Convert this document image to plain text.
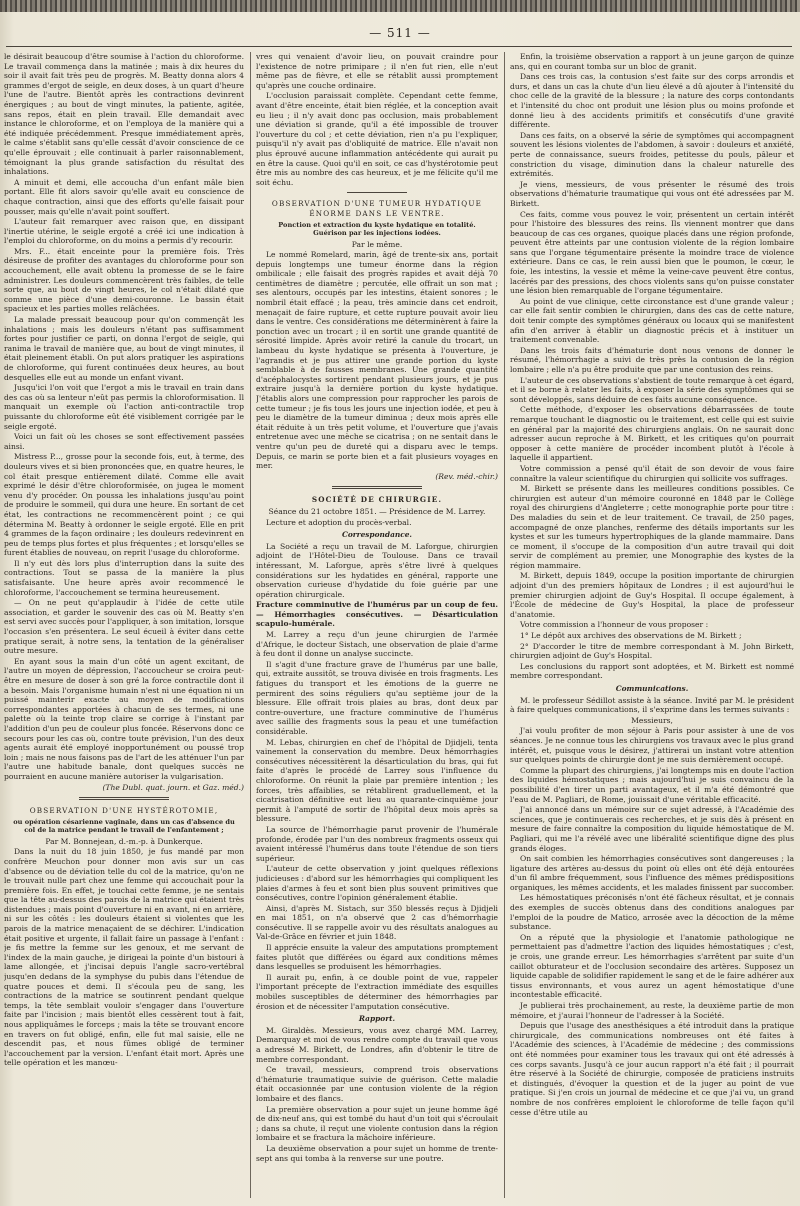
— 511 —

le désirait beaucoup d'être soumise à l'action du chloroforme. Le travail commença dans la matinée ; mais à dix heures du soir il avait fait très peu de progrès. M. Beatty donna alors 4 grammes d'ergot de seigle, en deux doses, à un quart d'heure l'une de l'autre. Bientôt après les contractions devinrent énergiques ; au bout de vingt minutes, la patiente, agitée, sans repos, était en plein travail. Elle demandait avec instance le chloroforme, et on l'employa de la manière qui a été indiquée précédemment. Presque immédiatement après, le calme s'établit sans qu'elle cessât d'avoir conscience de ce qu'elle éprouvait ; elle continuait à parler raisonnablement, témoignant la plus grande satisfaction du résultat des inhalations.

A minuit et demi, elle accoucha d'un enfant mâle bien portant. Elle fit alors savoir qu'elle avait eu conscience de chaque contraction, ainsi que des efforts qu'elle faisait pour pousser, mais qu'elle n'avait point souffert.

L'auteur fait remarquer avec raison que, en dissipant l'inertie utérine, le seigle ergoté a créé ici une indication à l'emploi du chloroforme, on du moins a permis d'y recourir.

Mrs. F... était enceinte pour la première fois. Très désireuse de profiter des avantages du chloroforme pour son accouchement, elle avait obtenu la promesse de se le faire administrer. Les douleurs commencèrent très faibles, de telle sorte que, au bout de vingt heures, le col n'était dilaté que comme une pièce d'une demi-couronne. Le bassin était spacieux et les parties molles relâchées.

La malade pressait beaucoup pour qu'on commençât les inhalations ; mais les douleurs n'étant pas suffisamment fortes pour justifier ce parti, on donna l'ergot de seigle, qui ranima le travail de manière que, au bout de vingt minutes, il était pleinement établi. On put alors pratiquer les aspirations de chloroforme, qui furent continuées deux heures, au bout desquelles elle eut au monde un enfant vivant.

Jusqu'ici l'on voit que l'ergot a mis le travail en train dans des cas où sa lenteur n'eût pas permis la chloroformisation. Il manquait un exemple où l'action anti-contractile trop puissante du chloroforme eût été visiblement corrigée par le seigle ergoté.

Voici un fait où les choses se sont effectivement passées ainsi.

Mistress P..., grosse pour la seconde fois, eut, à terme, des douleurs vives et si bien prononcées que, en quatre heures, le col était presque entièrement dilaté. Comme elle avait exprimé le désir d'être chloroformisée, on jugea le moment venu d'y procéder. On poussa les inhalations jusqu'au point de produire le sommeil, qui dura une heure. En sortant de cet état, les contractions ne recommencèrent point ; ce qui détermina M. Beatty à ordonner le seigle ergoté. Elle en prit 4 grammes de la façon ordinaire ; les douleurs redevinrent en peu de temps plus fortes et plus fréquentes ; et lorsqu'elles se furent établies de nouveau, on reprit l'usage du chloroforme.

Il n'y eut dès lors plus d'interruption dans la suite des contractions. Tout se passa de la manière la plus satisfaisante. Une heure après avoir recommencé le chloroforme, l'accouchement se termina heureusement.

— On ne peut qu'applaudir à l'idée de cette utile association, et garder le souvenir des cas où M. Beatty s'en est servi avec succès pour l'appliquer, à son imitation, lorsque l'occasion s'en présentera. Le seul écueil à éviter dans cette pratique serait, à notre sens, la tentation de la généraliser outre mesure.

En ayant sous la main d'un côté un agent excitant, de l'autre un moyen de dépression, l'accoucheur se croira peut-être en mesure de doser à son gré la force contractile dont il a besoin. Mais l'organisme humain n'est ni une équation ni un puissé mainterir exacte au moyen de modifications correspondantes apportées à chacun de ses termes, ni une palette où la teinte trop claire se corrige à l'instant par l'addition d'un peu de couleur plus foncée. Réservons donc ce secours pour les cas où, contre toute prévision, l'un des deux agents aurait été employé inopportunément ou poussé trop loin ; mais ne nous faisons pas de l'art de les atténuer l'un par l'autre une habitude banale, dont quelques succès ne pourraient en aucune manière autoriser la vulgarisation.

(The Dubl. quat. journ. et Gaz. méd.)

OBSERVATION D'UNE HYSTÉROTOMIE,
ou opération césarienne vaginale, dans un cas d'absence du col de la matrice pendant le travail de l'enfantement ;

Par M. Bonnejean, d.-m.-p. à Dunkerque.

Dans la nuit du 18 juin 1850, je fus mandé par mon confrère Meuchon pour donner mon avis sur un cas d'absence ou de déviation telle du col de la matrice, qu'on ne le trouvait nulle part chez une femme qui accouchait pour la première fois. En effet, je touchai cette femme, je ne sentais que la tête au-dessus des parois de la matrice qui étaient très distendues ; mais point d'ouverture ni en avant, ni en arrière, ni sur les côtés : les douleurs étaient si violentes que les parois de la matrice menaçaient de se déchirer. L'indication était positive et urgente, il fallait faire un passage à l'enfant : je fis mettre la femme sur les genoux, et me servant de l'index de la main gauche, je dirigeai la pointe d'un bistouri à lame allongée, et j'incisai depuis l'angle sacro-vertébral jusqu'en dedans de la symphyse du pubis dans l'étendue de quatre pouces et demi. Il s'écoula peu de sang, les contractions de la matrice se soutinrent pendant quelque temps, la tête semblait vouloir s'engager dans l'ouverture faite par l'incision ; mais bientôt elles cessèrent tout à fait, nous appliquâmes le forceps ; mais la tête se trouvant encore en travers on fut obligé, enfin, elle fut mal saisie, elle ne descendit pas, et nous fûmes obligé de terminer l'accouchement par la version. L'enfant était mort. Après une telle opération et les manœu-

vres qui venaient d'avoir lieu, on pouvait craindre pour l'existence de notre primipare ; il n'en fut rien, elle n'eut même pas de fièvre, et elle se rétablit aussi promptement qu'après une couche ordinaire.

L'occlusion paraissait complète. Cependant cette femme, avant d'être enceinte, était bien réglée, et la conception avait eu lieu ; il n'y avait donc pas occlusion, mais probablement une déviation si grande, qu'il a été impossible de trouver l'ouverture du col ; et cette déviation, rien n'a pu l'expliquer, puisqu'il n'y avait pas d'obliquité de matrice. Elle n'avait non plus éprouvé aucune inflammation antécédente qui aurait pu en être la cause. Quoi qu'il en soit, ce cas d'hystérotomie peut être mis au nombre des cas heureux, et je me félicite qu'il me soit échu.

OBSERVATION D'UNE TUMEUR HYDATIQUE ÉNORME DANS LE VENTRE.
Ponction et extraction du kyste hydatique en totalité. Guérison par les injections iodées.

Par le même.

Le nommé Romelard, marin, âgé de trente-six ans, portait depuis longtemps une tumeur énorme dans la région ombilicale ; elle faisait des progrès rapides et avait déjà 70 centimètres de diamètre ; percutée, elle offrait un son mat ; ses alentours, occupés par les intestins, étaient sonores ; le nombril était effacé ; la peau, très amincie dans cet endroit, menaçait de faire rupture, et cette rupture pouvait avoir lieu dans le ventre. Ces considérations me déterminèrent à faire la ponction avec un trocart ; il en sortit une grande quantité de sérosité limpide. Après avoir retiré la canule du trocart, un lambeau du kyste hydatique se présenta à l'ouverture, je l'agrandis et je pus attirer une grande portion du kyste semblable à de fausses membranes. Une grande quantité d'acéphalocystes sortirent pendant plusieurs jours, et je pus extraire jusqu'à la dernière portion du kyste hydatique. J'établis alors une compression pour rapprocher les parois de cette tumeur ; je fis tous les jours une injection iodée, et peu à peu le diamètre de la tumeur diminua ; deux mois après elle était réduite à un très petit volume, et l'ouverture que j'avais entretenue avec une mèche se cicatrisa ; on ne sentait dans le ventre qu'un peu de dureté qui a disparu avec le temps. Depuis, ce marin se porte bien et a fait plusieurs voyages en mer.

(Rev. méd.-chir.)

SOCIÉTÉ DE CHIRURGIE.

Séance du 21 octobre 1851. — Présidence de M. Larrey.

Lecture et adoption du procès-verbal.

Correspondance.

La Société a reçu un travail de M. Laforgue, chirurgien adjoint de l'Hôtel-Dieu de Toulouse. Dans ce travail intéressant, M. Laforgue, après s'être livré à quelques considérations sur les hydatides en général, rapporte une observation curieuse d'hydatide du foie guérie par une opération chirurgicale.

Fracture comminutive de l'humérus par un coup de feu. — Hémorrhagies consécutives. — Désarticulation scapulo-humérale.

M. Larrey a reçu d'un jeune chirurgien de l'armée d'Afrique, le docteur Sistach, une observation de plaie d'arme à feu dont il donne un analyse succincte.

Il s'agit d'une fracture grave de l'humérus par une balle, qui, extraite aussitôt, se trouva divisée en trois fragments. Les fatigues du transport et les émotions de la guerre ne permirent des soins réguliers qu'au septième jour de la blessure. Elle offrait trois plaies au bras, dont deux par contre-ouverture, une fracture comminutive de l'humérus avec saillie des fragments sous la peau et une tuméfaction considérable.

M. Lebas, chirurgien en chef de l'hôpital de Djidjeli, tenta vainement la conservation du membre. Deux hémorrhagies consécutives nécessitèrent la désarticulation du bras, qui fut faite d'après le procédé de Larrey sous l'influence du chloroforme. On réunit la plaie par première intention ; les forces, très affaiblies, se rétablirent graduellement, et la cicatrisation définitive eut lieu au quarante-cinquième jour permit à l'amputé de sortir de l'hôpital deux mois après sa blessure.

La source de l'hémorrhagie parut provenir de l'humérale profonde, érodée par l'un des nombreux fragments osseux qui avaient intéressé l'humérus dans toute l'étendue de son tiers supérieur.

L'auteur de cette observation y joint quelques réflexions judicieuses : d'abord sur les hémorrhagies qui compliquent les plaies d'armes à feu et sont bien plus souvent primitives que consécutives, contre l'opinion généralement établie.

Ainsi, d'après M. Sistach, sur 350 blessés reçus à Djidjeli en mai 1851, on n'a observé que 2 cas d'hémorrhagie consécutive. Il se rappelle avoir vu des résultats analogues au Val-de-Grâce en février et juin 1848.

Il apprécie ensuite la valeur des amputations promptement faites plutôt que différées ou égard aux conditions mêmes dans lesquelles se produisent les hémorrhagies.

Il aurait pu, enfin, à ce double point de vue, rappeler l'important précepte de l'extraction immédiate des esquilles mobiles susceptibles de déterminer des hémorrhagies par érosion et de nécessiter l'amputation consécutive.

Rapport.

M. Giraldès. Messieurs, vous avez chargé MM. Larrey, Demarquay et moi de vous rendre compte du travail que vous a adressé M. Birkett, de Londres, afin d'obtenir le titre de membre correspondant.

Ce travail, messieurs, comprend trois observations d'hématurie traumatique suivie de guérison. Cette maladie était occasionnée par une contusion violente de la région lombaire et des flancs.

La première observation a pour sujet un jeune homme âgé de dix-neuf ans, qui est tombé du haut d'un toit qui s'écroulait ; dans sa chute, il reçut une violente contusion dans la région lombaire et se fractura la mâchoire inférieure.

La deuxième observation a pour sujet un homme de trente-sept ans qui tomba à la renverse sur une poutre.

Enfin, la troisième observation a rapport à un jeune garçon de quinze ans, qui en courant tomba sur un bloc de granit.

Dans ces trois cas, la contusion s'est faite sur des corps arrondis et durs, et dans un cas la chute d'un lieu élevé a dû ajouter à l'intensité du choc celle de la gravité de la blessure ; la nature des corps contondants et l'intensité du choc ont produit une lésion plus ou moins profonde et donné lieu à des accidents primitifs et consécutifs d'une gravité différente.

Dans ces faits, on a observé la série de symptômes qui accompagnent souvent les lésions violentes de l'abdomen, à savoir : douleurs et anxiété, perte de connaissance, sueurs froides, petitesse du pouls, pâleur et constriction du visage, diminution dans la chaleur naturelle des extrémités.

Je viens, messieurs, de vous présenter le résumé des trois observations d'hématurie traumatique qui vous ont été adressées par M. Birkett.

Ces faits, comme vous pouvez le voir, présentent un certain intérêt pour l'histoire des blessures des reins. Ils viennent montrer que dans beaucoup de cas ces organes, quoique placés dans une région profonde, peuvent être atteints par une contusion violente de la région lombaire sans que l'organe tégumentaire présente la moindre trace de violence extérieure. Dans ce cas, le rein aussi bien que le poumon, le cœur, le foie, les intestins, la vessie et même la veine-cave peuvent être contus, lacérés par des pressions, des chocs violents sans qu'on puisse constater une lésion bien remarquable de l'organe tégumentaire.

Au point de vue clinique, cette circonstance est d'une grande valeur ; car elle fait sentir combien le chirurgien, dans des cas de cette nature, doit tenir compte des symptômes généraux ou locaux qui se manifestent afin d'en arriver à établir un diagnostic précis et à instituer un traitement convenable.

Dans les trois faits d'hématurie dont nous venons de donner le résumé, l'hémorrhagie a suivi de très près la contusion de la région lombaire ; elle n'a pu être produite que par une contusion des reins.

L'auteur de ces observations s'abstient de toute remarque à cet égard, et il se borne à relater les faits, à exposer la série des symptômes qui se sont développés, sans déduire de ces faits aucune conséquence.

Cette méthode, d'exposer les observations débarrassées de toute remarque touchant le diagnostic ou le traitement, est celle qui est suivie en général par la majorité des chirurgiens anglais. On ne saurait donc adresser aucun reproche à M. Birkett, et les critiques qu'on pourrait opposer à cette manière de procéder incombent plutôt à l'école à laquelle il appartient.

Votre commission a pensé qu'il était de son devoir de vous faire connaître la valeur scientifique du chirurgien qui sollicite vos suffrages.

M. Birkett se présente dans les meilleures conditions possibles. Ce chirurgien est auteur d'un mémoire couronné en 1848 par le Collège royal des chirurgiens d'Angleterre ; cette monographie porte pour titre : Des maladies du sein et de leur traitement. Ce travail, de 250 pages, accompagné de onze planches, renferme des détails importants sur les kystes et sur les tumeurs hypertrophiques de la glande mammaire. Dans ce moment, il s'occupe de la composition d'un autre travail qui doit servir de complément au premier, une Monographie des kystes de la région mammaire.

M. Birkett, depuis 1849, occupe la position importante de chirurgien adjoint d'un des premiers hôpitaux de Londres ; il est aujourd'hui le premier chirurgien adjoint de Guy's Hospital. Il occupe également, à l'École de médecine de Guy's Hospital, la place de professeur d'anatomie.

Votre commission a l'honneur de vous proposer :

1° Le dépôt aux archives des observations de M. Birkett ;

2° D'accorder le titre de membre correspondant à M. John Birkett, chirurgien adjoint de Guy's Hospital.

Les conclusions du rapport sont adoptées, et M. Birkett est nommé membre correspondant.

Communications.

M. le professeur Sédillot assiste à la séance. Invité par M. le président à faire quelques communications, il s'exprime dans les termes suivants :

Messieurs,

J'ai voulu profiter de mon séjour à Paris pour assister à une de vos séances. Je ne connue tous les chirurgiens vos travaux avec le plus grand intérêt, et, puisque vous le désirez, j'attirerai un instant votre attention sur quelques points de chirurgie dont je me suis dernièrement occupé.

Comme la plupart des chirurgiens, j'ai longtemps mis en doute l'action des liquides hémostatiques ; mais aujourd'hui je suis convaincu de la possibilité d'en tirer un parti avantageux, et il m'a été démontré que l'eau de M. Pagliari, de Rome, jouissait d'une véritable efficacité.

J'ai annoncé dans un mémoire sur ce sujet adressé, à l'Académie des sciences, que je continuerais ces recherches, et je suis dès à présent en mesure de faire connaître la composition du liquide hémostatique de M. Pagliari, qui me l'a révélé avec une libéralité scientifique digne des plus grands éloges.

On sait combien les hémorrhagies consécutives sont dangereuses ; la ligature des artères au-dessus du point où elles ont été déjà entourées d'un fil ambre fréquemment, sous l'influence des mêmes prédispositions organiques, les mêmes accidents, et les malades finissent par succomber.

Les hémostatiques préconisés n'ont été fâcheux résultat, et je connais des exemples de succès obtenus dans des conditions analogues par l'emploi de la poudre de Matico, arrosée avec la décoction de la même substance.

On a réputé que la physiologie et l'anatomie pathologique ne permettaient pas d'admettre l'action des liquides hémostatiques ; c'est, je crois, une grande erreur. Les hémorrhagies s'arrêtent par suite d'un caillot obturateur et de l'occlusion secondaire des artères. Supposez un liquide capable de solidifier rapidement le sang et de le faire adhérer aux tissus environnants, et vous aurez un agent hémostatique d'une incontestable efficacité.

Je publierai très prochainement, au reste, la deuxième partie de mon mémoire, et j'aurai l'honneur de l'adresser à la Société.

Depuis que l'usage des anesthésiques a été introduit dans la pratique chirurgicale, des communications nombreuses ont été faites à l'Académie des sciences, à l'Académie de médecine ; des commissions ont été nommées pour examiner tous les travaux qui ont été adressés à ces corps savants. Jusqu'à ce jour aucun rapport n'a été fait ; il pourrait être réservé à la Société de chirurgie, composée de praticiens instruits et distingués, d'évoquer la question et de la juger au point de vue pratique. Si j'en crois un journal de médecine et ce que j'ai vu, un grand nombre de nos confrères emploient le chloroforme de telle façon qu'il cesse d'être utile au
